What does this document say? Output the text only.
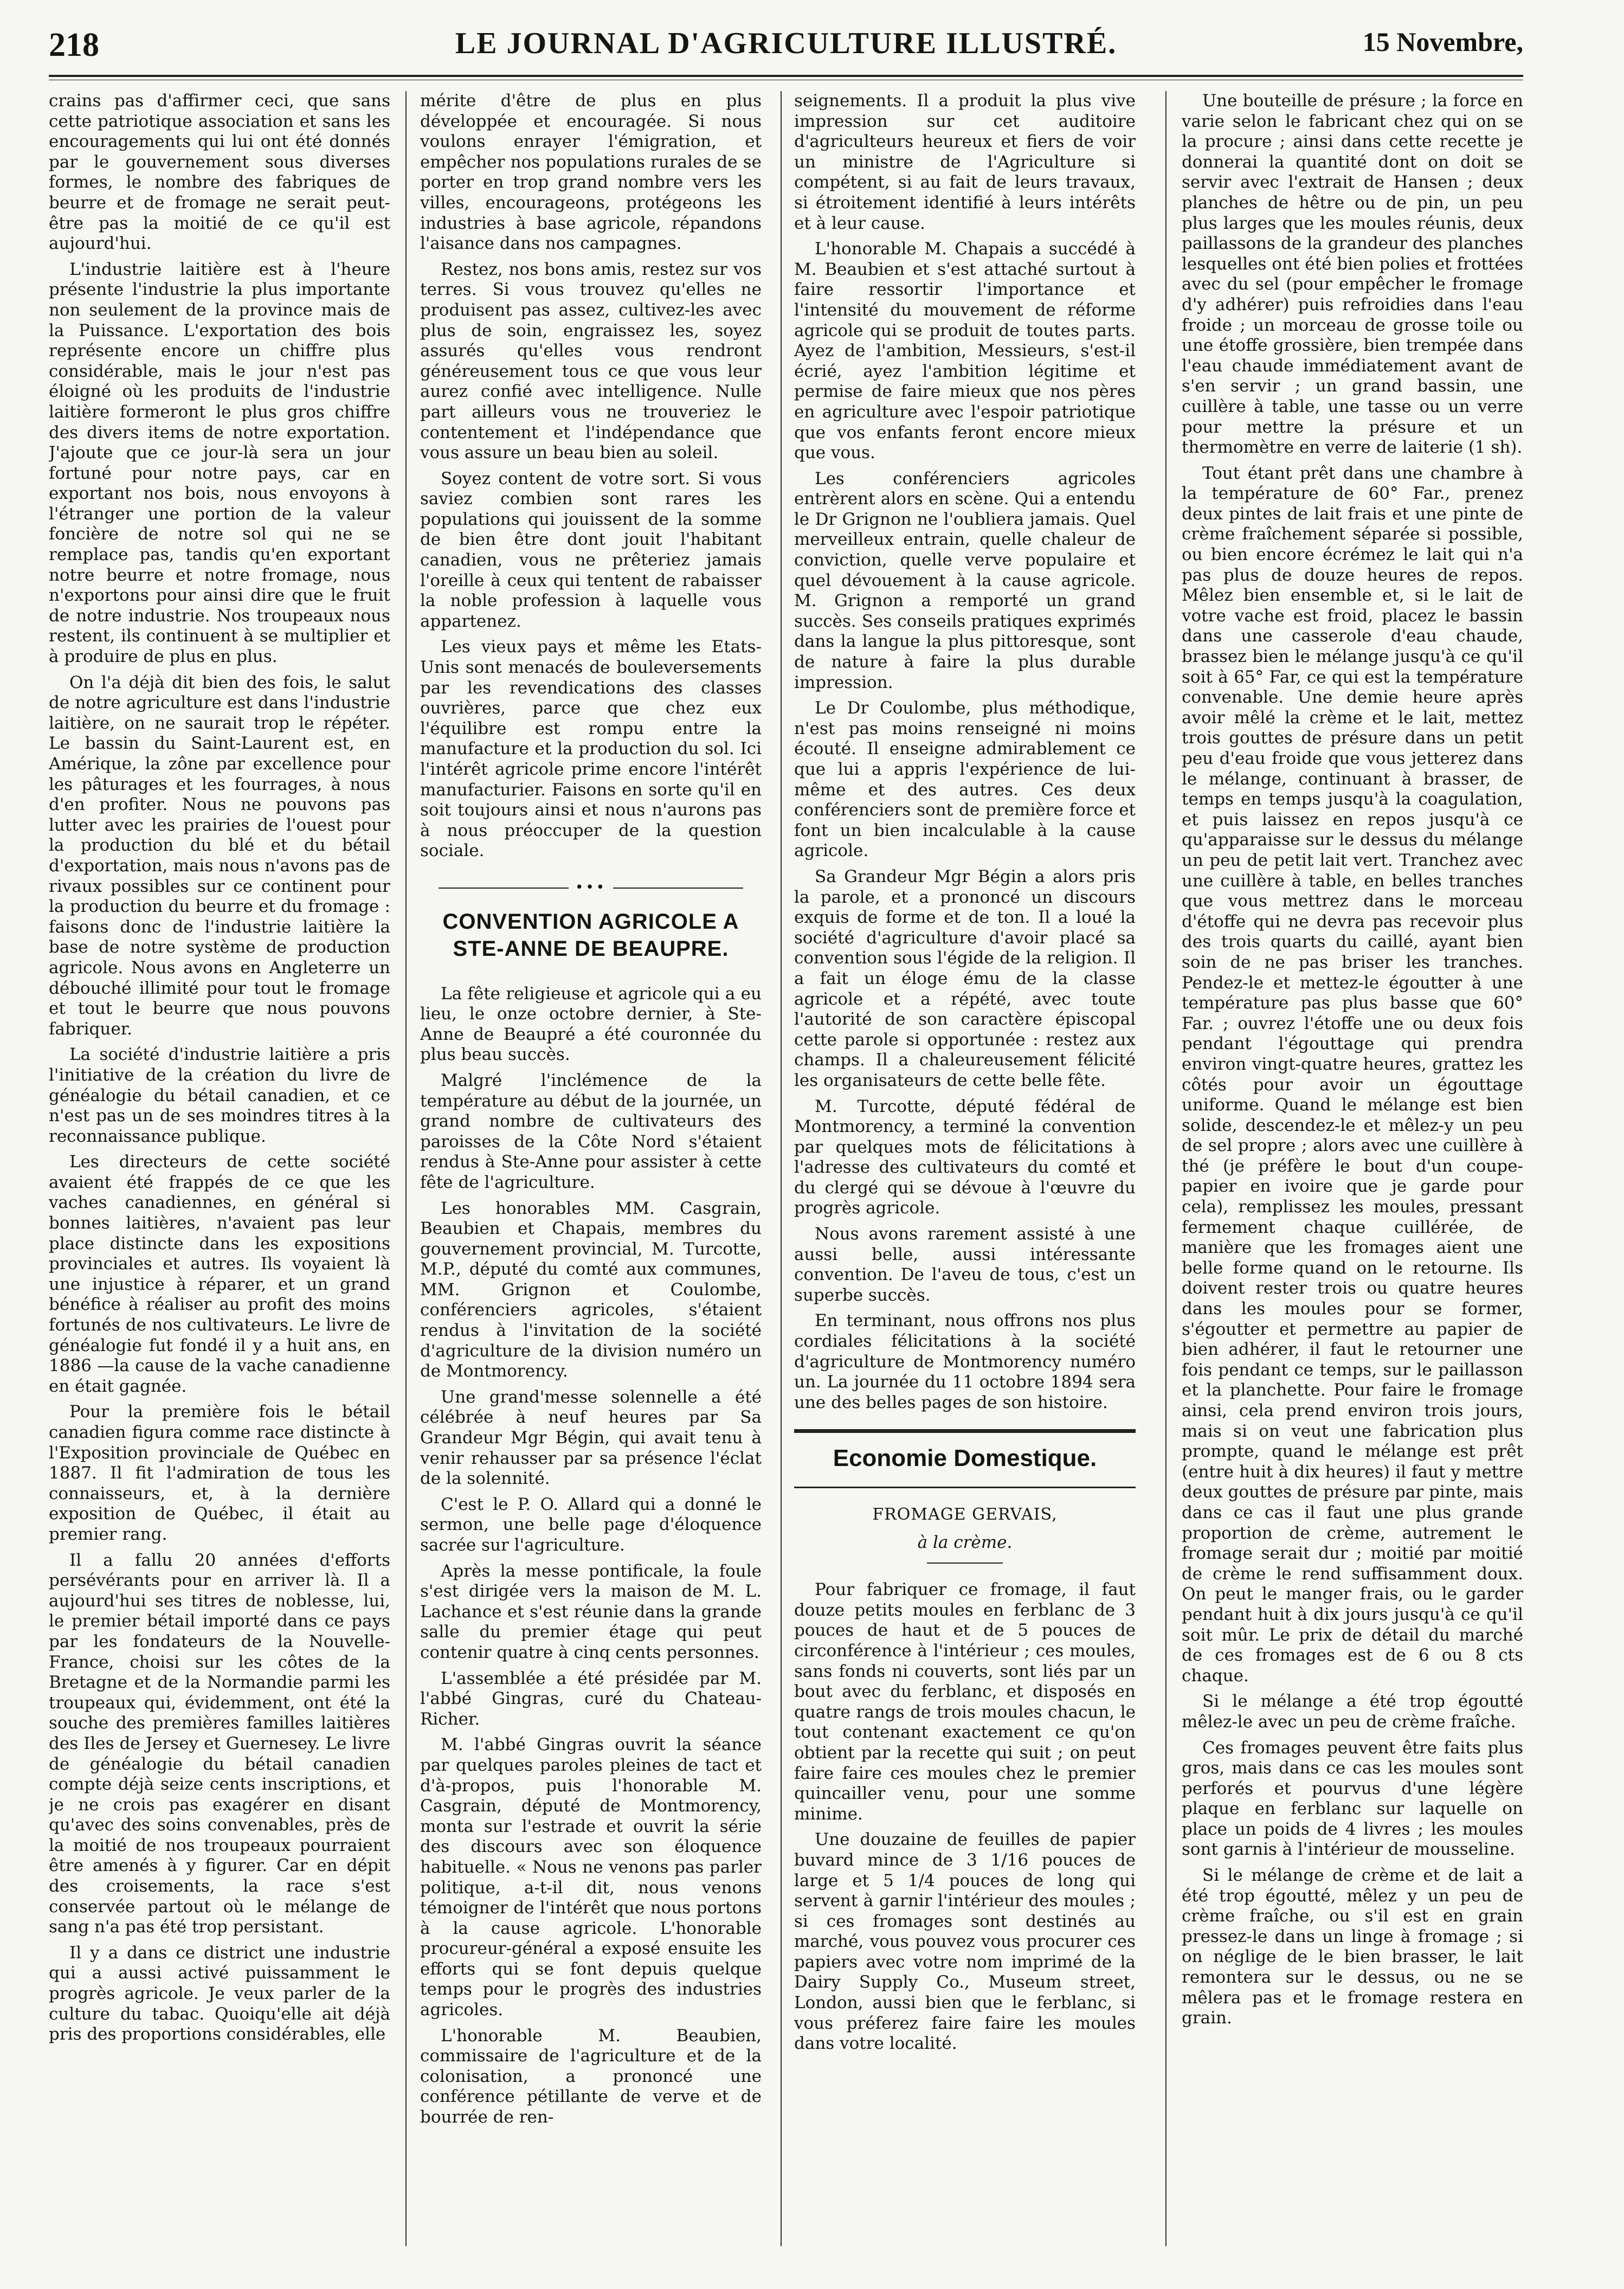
LE JOURNAL D'AGRICULTURE ILLUSTRÉ.
218	15 Novembre,

crains pas d'affirmer ceci, que sans cette patriotique association et sans les encouragements qui lui ont été donnés par le gouvernement sous diverses formes, le nombre des fabriques de beurre et de fromage ne serait peut-être pas la moitié de ce qu'il est aujourd'hui.

L'industrie laitière est à l'heure présente l'industrie la plus importante non seulement de la province mais de la Puissance. L'exportation des bois représente encore un chiffre plus considérable, mais le jour n'est pas éloigné où les produits de l'industrie laitière formeront le plus gros chiffre des divers items de notre exportation. J'ajoute que ce jour-là sera un jour fortuné pour notre pays, car en exportant nos bois, nous envoyons à l'étranger une portion de la valeur foncière de notre sol qui ne se remplace pas, tandis qu'en exportant notre beurre et notre fromage, nous n'exportons pour ainsi dire que le fruit de notre industrie. Nos troupeaux nous restent, ils continuent à se multiplier et à produire de plus en plus.

On l'a déjà dit bien des fois, le salut de notre agriculture est dans l'industrie laitière, on ne saurait trop le répéter. Le bassin du Saint-Laurent est, en Amérique, la zône par excellence pour les pâturages et les fourrages, à nous d'en profiter. Nous ne pouvons pas lutter avec les prairies de l'ouest pour la production du blé et du bétail d'exportation, mais nous n'avons pas de rivaux possibles sur ce continent pour la production du beurre et du fromage : faisons donc de l'industrie laitière la base de notre système de production agricole. Nous avons en Angleterre un débouché illimité pour tout le fromage et tout le beurre que nous pouvons fabriquer.

La société d'industrie laitière a pris l'initiative de la création du livre de généalogie du bétail canadien, et ce n'est pas un de ses moindres titres à la reconnaissance publique.

Les directeurs de cette société avaient été frappés de ce que les vaches canadiennes, en général si bonnes laitières, n'avaient pas leur place distincte dans les expositions provinciales et autres. Ils voyaient là une injustice à réparer, et un grand bénéfice à réaliser au profit des moins fortunés de nos cultivateurs. Le livre de généalogie fut fondé il y a huit ans, en 1886 —la cause de la vache canadienne en était gagnée.

Pour la première fois le bétail canadien figura comme race distincte à l'Exposition provinciale de Québec en 1887. Il fit l'admiration de tous les connaisseurs, et, à la dernière exposition de Québec, il était au premier rang.

Il a fallu 20 années d'efforts persévérants pour en arriver là. Il a aujourd'hui ses titres de noblesse, lui, le premier bétail importé dans ce pays par les fondateurs de la Nouvelle-France, choisi sur les côtes de la Bretagne et de la Normandie parmi les troupeaux qui, évidemment, ont été la souche des premières familles laitières des Iles de Jersey et Guernesey. Le livre de généalogie du bétail canadien compte déjà seize cents inscriptions, et je ne crois pas exagérer en disant qu'avec des soins convenables, près de la moitié de nos troupeaux pourraient être amenés à y figurer. Car en dépit des croisements, la race s'est conservée partout où le mélange de sang n'a pas été trop persistant.

Il y a dans ce district une industrie qui a aussi activé puissamment le progrès agricole. Je veux parler de la culture du tabac. Quoiqu'elle ait déjà pris des proportions considérables, elle

mérite d'être de plus en plus développée et encouragée. Si nous voulons enrayer l'émigration, et empêcher nos populations rurales de se porter en trop grand nombre vers les villes, encourageons, protégeons les industries à base agricole, répandons l'aisance dans nos campagnes.

Restez, nos bons amis, restez sur vos terres. Si vous trouvez qu'elles ne produisent pas assez, cultivez-les avec plus de soin, engraissez les, soyez assurés qu'elles vous rendront généreusement tous ce que vous leur aurez confié avec intelligence. Nulle part ailleurs vous ne trouveriez le contentement et l'indépendance que vous assure un beau bien au soleil.

Soyez content de votre sort. Si vous saviez combien sont rares les populations qui jouissent de la somme de bien être dont jouit l'habitant canadien, vous ne prêteriez jamais l'oreille à ceux qui tentent de rabaisser la noble profession à laquelle vous appartenez.

Les vieux pays et même les Etats-Unis sont menacés de bouleversements par les revendications des classes ouvrières, parce que chez eux l'équilibre est rompu entre la manufacture et la production du sol. Ici l'intérêt agricole prime encore l'intérêt manufacturier. Faisons en sorte qu'il en soit toujours ainsi et nous n'aurons pas à nous préoccuper de la question sociale.

•••
CONVENTION AGRICOLE A STE-ANNE DE BEAUPRE.

La fête religieuse et agricole qui a eu lieu, le onze octobre dernier, à Ste-Anne de Beaupré a été couronnée du plus beau succès.

Malgré l'inclémence de la température au début de la journée, un grand nombre de cultivateurs des paroisses de la Côte Nord s'étaient rendus à Ste-Anne pour assister à cette fête de l'agriculture.

Les honorables MM. Casgrain, Beaubien et Chapais, membres du gouvernement provincial, M. Turcotte, M.P., député du comté aux communes, MM. Grignon et Coulombe, conférenciers agricoles, s'étaient rendus à l'invitation de la société d'agriculture de la division numéro un de Montmorency.

Une grand'messe solennelle a été célébrée à neuf heures par Sa Grandeur Mgr Bégin, qui avait tenu à venir rehausser par sa présence l'éclat de la solennité.

C'est le P. O. Allard qui a donné le sermon, une belle page d'éloquence sacrée sur l'agriculture.

Après la messe pontificale, la foule s'est dirigée vers la maison de M. L. Lachance et s'est réunie dans la grande salle du premier étage qui peut contenir quatre à cinq cents personnes.

L'assemblée a été présidée par M. l'abbé Gingras, curé du Chateau-Richer.

M. l'abbé Gingras ouvrit la séance par quelques paroles pleines de tact et d'à-propos, puis l'honorable M. Casgrain, député de Montmorency, monta sur l'estrade et ouvrit la série des discours avec son éloquence habituelle. « Nous ne venons pas parler politique, a-t-il dit, nous venons témoigner de l'intérêt que nous portons à la cause agricole. L'honorable procureur-général a exposé ensuite les efforts qui se font depuis quelque temps pour le progrès des industries agricoles.

L'honorable M. Beaubien, commissaire de l'agriculture et de la colonisation, a prononcé une conférence pétillante de verve et de bourrée de ren-

seignements. Il a produit la plus vive impression sur cet auditoire d'agriculteurs heureux et fiers de voir un ministre de l'Agriculture si compétent, si au fait de leurs travaux, si étroitement identifié à leurs intérêts et à leur cause.

L'honorable M. Chapais a succédé à M. Beaubien et s'est attaché surtout à faire ressortir l'importance et l'intensité du mouvement de réforme agricole qui se produit de toutes parts. Ayez de l'ambition, Messieurs, s'est-il écrié, ayez l'ambition légitime et permise de faire mieux que nos pères en agriculture avec l'espoir patriotique que vos enfants feront encore mieux que vous.

Les conférenciers agricoles entrèrent alors en scène. Qui a entendu le Dr Grignon ne l'oubliera jamais. Quel merveilleux entrain, quelle chaleur de conviction, quelle verve populaire et quel dévouement à la cause agricole. M. Grignon a remporté un grand succès. Ses conseils pratiques exprimés dans la langue la plus pittoresque, sont de nature à faire la plus durable impression.

Le Dr Coulombe, plus méthodique, n'est pas moins renseigné ni moins écouté. Il enseigne admirablement ce que lui a appris l'expérience de lui-même et des autres. Ces deux conférenciers sont de première force et font un bien incalculable à la cause agricole.

Sa Grandeur Mgr Bégin a alors pris la parole, et a prononcé un discours exquis de forme et de ton. Il a loué la société d'agriculture d'avoir placé sa convention sous l'égide de la religion. Il a fait un éloge ému de la classe agricole et a répété, avec toute l'autorité de son caractère épiscopal cette parole si opportunée : restez aux champs. Il a chaleureusement félicité les organisateurs de cette belle fête.

M. Turcotte, député fédéral de Montmorency, a terminé la convention par quelques mots de félicitations à l'adresse des cultivateurs du comté et du clergé qui se dévoue à l'œuvre du progrès agricole.

Nous avons rarement assisté à une aussi belle, aussi intéressante convention. De l'aveu de tous, c'est un superbe succès.

En terminant, nous offrons nos plus cordiales félicitations à la société d'agriculture de Montmorency numéro un. La journée du 11 octobre 1894 sera une des belles pages de son histoire.

Economie Domestique.
FROMAGE GERVAIS,
à la crème.

Pour fabriquer ce fromage, il faut douze petits moules en ferblanc de 3 pouces de haut et de 5 pouces de circonférence à l'intérieur ; ces moules, sans fonds ni couverts, sont liés par un bout avec du ferblanc, et disposés en quatre rangs de trois moules chacun, le tout contenant exactement ce qu'on obtient par la recette qui suit ; on peut faire faire ces moules chez le premier quincailler venu, pour une somme minime.

Une douzaine de feuilles de papier buvard mince de 3 1/16 pouces de large et 5 1/4 pouces de long qui servent à garnir l'intérieur des moules ; si ces fromages sont destinés au marché, vous pouvez vous procurer ces papiers avec votre nom imprimé de la Dairy Supply Co., Museum street, London, aussi bien que le ferblanc, si vous préferez faire faire les moules dans votre localité.

Une bouteille de présure ; la force en varie selon le fabricant chez qui on se la procure ; ainsi dans cette recette je donnerai la quantité dont on doit se servir avec l'extrait de Hansen ; deux planches de hêtre ou de pin, un peu plus larges que les moules réunis, deux paillassons de la grandeur des planches lesquelles ont été bien polies et frottées avec du sel (pour empêcher le fromage d'y adhérer) puis refroidies dans l'eau froide ; un morceau de grosse toile ou une étoffe grossière, bien trempée dans l'eau chaude immédiatement avant de s'en servir ; un grand bassin, une cuillère à table, une tasse ou un verre pour mettre la présure et un thermomètre en verre de laiterie (1 sh).

Tout étant prêt dans une chambre à la température de 60° Far., prenez deux pintes de lait frais et une pinte de crème fraîchement séparée si possible, ou bien encore écrémez le lait qui n'a pas plus de douze heures de repos. Mêlez bien ensemble et, si le lait de votre vache est froid, placez le bassin dans une casserole d'eau chaude, brassez bien le mélange jusqu'à ce qu'il soit à 65° Far, ce qui est la température convenable. Une demie heure après avoir mêlé la crème et le lait, mettez trois gouttes de présure dans un petit peu d'eau froide que vous jetterez dans le mélange, continuant à brasser, de temps en temps jusqu'à la coagulation, et puis laissez en repos jusqu'à ce qu'apparaisse sur le dessus du mélange un peu de petit lait vert. Tranchez avec une cuillère à table, en belles tranches que vous mettrez dans le morceau d'étoffe qui ne devra pas recevoir plus des trois quarts du caillé, ayant bien soin de ne pas briser les tranches. Pendez-le et mettez-le égoutter à une température pas plus basse que 60° Far. ; ouvrez l'étoffe une ou deux fois pendant l'égouttage qui prendra environ vingt-quatre heures, grattez les côtés pour avoir un égouttage uniforme. Quand le mélange est bien solide, descendez-le et mêlez-y un peu de sel propre ; alors avec une cuillère à thé (je préfère le bout d'un coupe-papier en ivoire que je garde pour cela), remplissez les moules, pressant fermement chaque cuillérée, de manière que les fromages aient une belle forme quand on le retourne. Ils doivent rester trois ou quatre heures dans les moules pour se former, s'égoutter et permettre au papier de bien adhérer, il faut le retourner une fois pendant ce temps, sur le paillasson et la planchette. Pour faire le fromage ainsi, cela prend environ trois jours, mais si on veut une fabrication plus prompte, quand le mélange est prêt (entre huit à dix heures) il faut y mettre deux gouttes de présure par pinte, mais dans ce cas il faut une plus grande proportion de crème, autrement le fromage serait dur ; moitié par moitié de crème le rend suffisamment doux. On peut le manger frais, ou le garder pendant huit à dix jours jusqu'à ce qu'il soit mûr. Le prix de détail du marché de ces fromages est de 6 ou 8 cts chaque.

Si le mélange a été trop égoutté mêlez-le avec un peu de crème fraîche.

Ces fromages peuvent être faits plus gros, mais dans ce cas les moules sont perforés et pourvus d'une légère plaque en ferblanc sur laquelle on place un poids de 4 livres ; les moules sont garnis à l'intérieur de mousseline.

Si le mélange de crème et de lait a été trop égoutté, mêlez y un peu de crème fraîche, ou s'il est en grain pressez-le dans un linge à fromage ; si on néglige de le bien brasser, le lait remontera sur le dessus, ou ne se mêlera pas et le fromage restera en grain.
